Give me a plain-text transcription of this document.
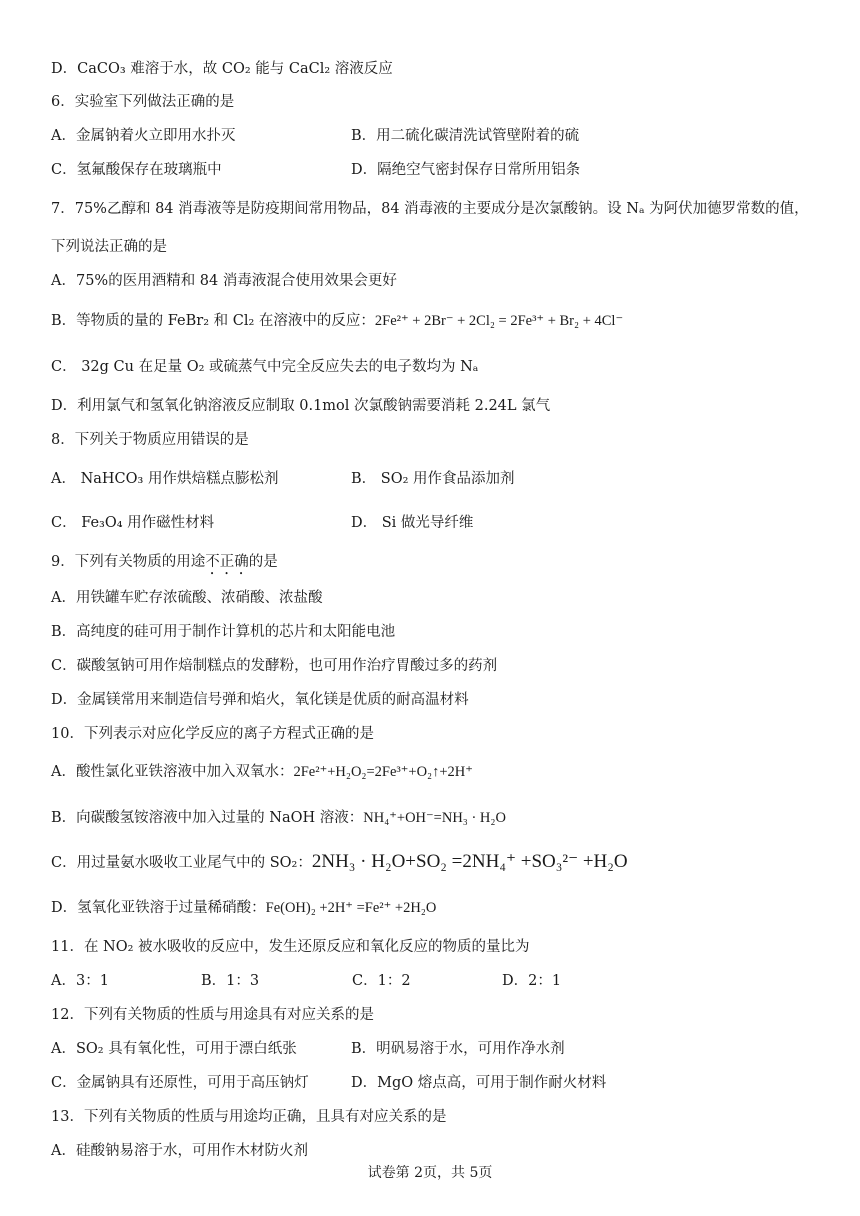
D．CaCO₃ 难溶于水，故 CO₂ 能与 CaCl₂ 溶液反应
6．实验室下列做法正确的是
A．金属钠着火立即用水扑灭	B．用二硫化碳清洗试管壁附着的硫
C．氢氟酸保存在玻璃瓶中	D．隔绝空气密封保存日常所用铝条
7．75%乙醇和 84 消毒液等是防疫期间常用物品，84 消毒液的主要成分是次氯酸钠。设 Nₐ 为阿伏加德罗常数的值，
下列说法正确的是
A．75%的医用酒精和 84 消毒液混合使用效果会更好
B．等物质的量的 FeBr₂ 和 Cl₂ 在溶液中的反应：2Fe²⁺ + 2Br⁻ + 2Cl₂ = 2Fe³⁺ + Br₂ + 4Cl⁻
C． 32g Cu 在足量 O₂ 或硫蒸气中完全反应失去的电子数均为 Nₐ
D．利用氯气和氢氧化钠溶液反应制取 0.1mol 次氯酸钠需要消耗 2.24L 氯气
8．下列关于物质应用错误的是
A． NaHCO₃ 用作烘焙糕点膨松剂	B． SO₂ 用作食品添加剂
C． Fe₃O₄ 用作磁性材料	D． Si 做光导纤维
9．下列有关物质的用途不正确的是
A．用铁罐车贮存浓硫酸、浓硝酸、浓盐酸
B．高纯度的硅可用于制作计算机的芯片和太阳能电池
C．碳酸氢钠可用作焙制糕点的发酵粉，也可用作治疗胃酸过多的药剂
D．金属镁常用来制造信号弹和焰火，氧化镁是优质的耐高温材料
10．下列表示对应化学反应的离子方程式正确的是
A．酸性氯化亚铁溶液中加入双氧水：2Fe²⁺+H₂O₂=2Fe³⁺+O₂↑+2H⁺
B．向碳酸氢铵溶液中加入过量的 NaOH 溶液：NH₄⁺+OH⁻=NH₃ · H₂O
C．用过量氨水吸收工业尾气中的 SO₂：2NH₃ · H₂O+SO₂ =2NH₄⁺ +SO₃²⁻ +H₂O
D．氢氧化亚铁溶于过量稀硝酸：Fe(OH)₂ +2H⁺ =Fe²⁺ +2H₂O
11．在 NO₂ 被水吸收的反应中，发生还原反应和氧化反应的物质的量比为
A．3：1	B．1：3	C．1：2	D．2：1
12．下列有关物质的性质与用途具有对应关系的是
A．SO₂ 具有氧化性，可用于漂白纸张	B．明矾易溶于水，可用作净水剂
C．金属钠具有还原性，可用于高压钠灯	D．MgO 熔点高，可用于制作耐火材料
13．下列有关物质的性质与用途均正确，且具有对应关系的是
A．硅酸钠易溶于水，可用作木材防火剂
试卷第 2页，共 5页
